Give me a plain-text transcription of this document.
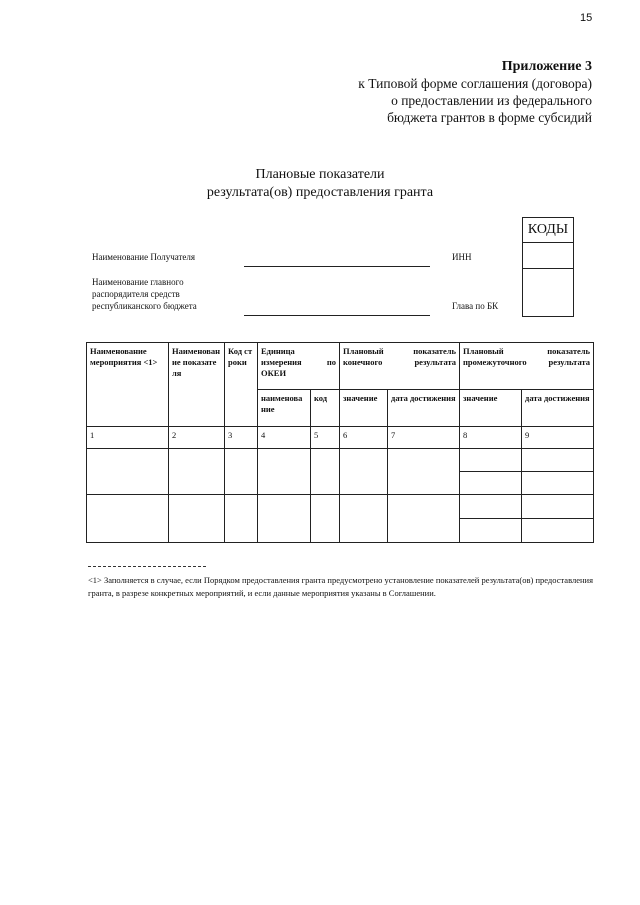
15
Приложение 3
к Типовой форме соглашения (договора)
о предоставлении из федерального
бюджета грантов в форме субсидий
Плановые показатели
результата(ов) предоставления гранта
КОДЫ

Наименование Получателя	ИНН
Наименование главного
распорядителя средств
республиканского бюджета	Глава по БК
Наименование мероприятия <1>	Наименование показателя	Код строки	Единица измерения по ОКЕИ		Плановый показатель конечного результата		Плановый показатель промежуточного результата	
			наименование	код	значение	дата достижения	значение	дата достижения
1	2	3	4	5	6	7	8	9

<1> Заполняется в случае, если Порядком предоставления гранта предусмотрено установление показателей результата(ов) предоставления гранта, в разрезе конкретных мероприятий, и если данные мероприятия указаны в Соглашении.
